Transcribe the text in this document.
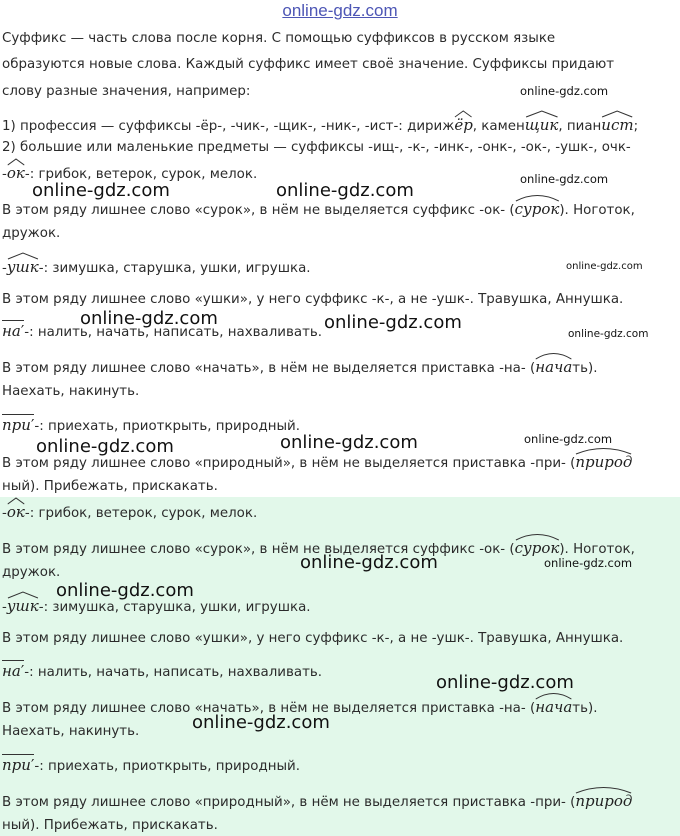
online-gdz.com
Суффикс — часть слова после корня. С помощью суффиксов в русском языке
образуются новые слова. Каждый суффикс имеет своё значение. Суффиксы придают
слову разные значения, например:
1) профессия — суффиксы -ёр-, -чик-, -щик-, -ник-, -ист-: дириж
ёр, камен
щик, пиан
ист;
2) большие или маленькие предметы — суффиксы -ищ-, -к-, -инк-, -онк-, -ок-, -ушк-, очк-
-
ок-: грибок, ветерок, сурок, мелок.
В этом ряду лишнее слово «сурок», в нём не выделяется суффикс -ок- (
сурок). Ноготок,
дружок.
-
ушк-: зимушка, старушка, ушки, игрушка.
В этом ряду лишнее слово «ушки», у него суффикс -к-, а не -ушк-. Травушка, Аннушка.
на′-: налить, начать, написать, нахваливать.
В этом ряду лишнее слово «начать», в нём не выделяется приставка -на- (
начать).
Наехать, накинуть.
при′-: приехать, приоткрыть, природный.
В этом ряду лишнее слово «природный», в нём не выделяется приставка -при- (
природ
ный). Прибежать, прискакать.
-
ок-: грибок, ветерок, сурок, мелок.
В этом ряду лишнее слово «сурок», в нём не выделяется суффикс -ок- (
сурок). Ноготок,
дружок.
-
ушк-: зимушка, старушка, ушки, игрушка.
В этом ряду лишнее слово «ушки», у него суффикс -к-, а не -ушк-. Травушка, Аннушка.
на′-: налить, начать, написать, нахваливать.
В этом ряду лишнее слово «начать», в нём не выделяется приставка -на- (
начать).
Наехать, накинуть.
при′-: приехать, приоткрыть, природный.
В этом ряду лишнее слово «природный», в нём не выделяется приставка -при- (
природ
ный). Прибежать, прискакать.
online-gdz.com
online-gdz.com	online-gdz.com
online-gdz.com
online-gdz.com
online-gdz.com	online-gdz.com
online-gdz.com
online-gdz.com	online-gdz.com	online-gdz.com
online-gdz.com	online-gdz.com
online-gdz.com
online-gdz.com
online-gdz.com
